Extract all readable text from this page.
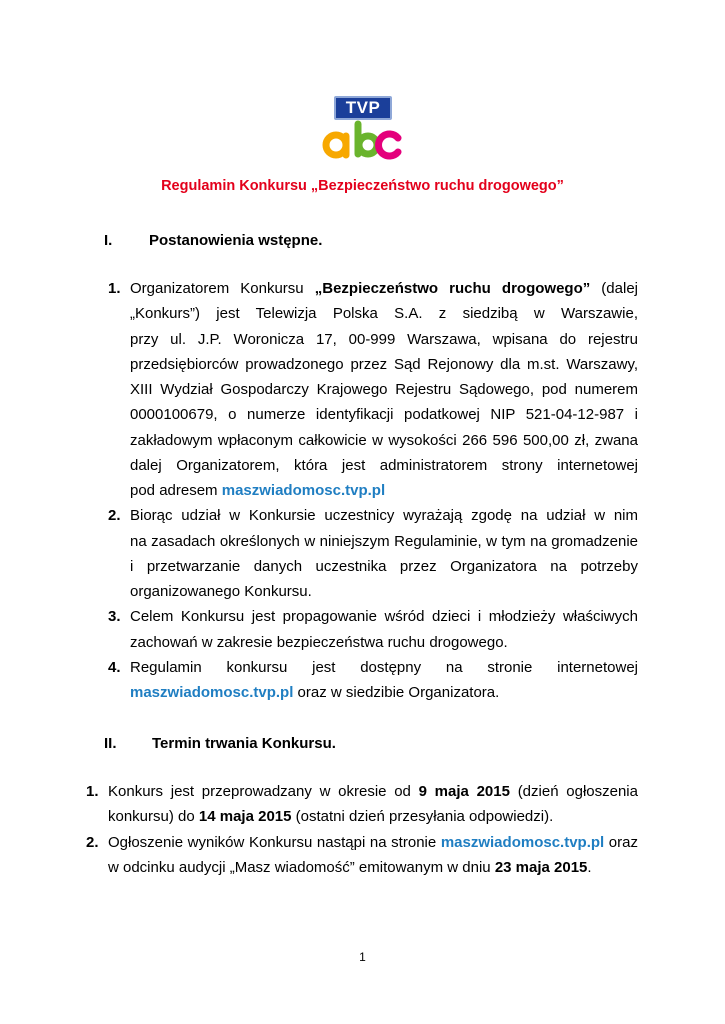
TVP
abc
Regulamin Konkursu „Bezpieczeństwo ruchu drogowego”
I. Postanowienia wstępne.
1. Organizatorem Konkursu „Bezpieczeństwo ruchu drogowego” (dalej
„Konkurs”) jest Telewizja Polska S.A. z siedzibą w Warszawie,
przy ul. J.P. Woronicza 17, 00-999 Warszawa, wpisana do rejestru
przedsiębiorców prowadzonego przez Sąd Rejonowy dla m.st. Warszawy,
XIII Wydział Gospodarczy Krajowego Rejestru Sądowego, pod numerem
0000100679, o numerze identyfikacji podatkowej NIP 521-04-12-987 i
zakładowym wpłaconym całkowicie w wysokości 266 596 500,00 zł, zwana
dalej Organizatorem, która jest administratorem strony internetowej
pod adresem maszwiadomosc.tvp.pl
2. Biorąc udział w Konkursie uczestnicy wyrażają zgodę na udział w nim
na zasadach określonych w niniejszym Regulaminie, w tym na gromadzenie
i przetwarzanie danych uczestnika przez Organizatora na potrzeby
organizowanego Konkursu.
3. Celem Konkursu jest propagowanie wśród dzieci i młodzieży właściwych
zachowań w zakresie bezpieczeństwa ruchu drogowego.
4. Regulamin konkursu jest dostępny na stronie internetowej
maszwiadomosc.tvp.pl oraz w siedzibie Organizatora.
II. Termin trwania Konkursu.
1. Konkurs jest przeprowadzany w okresie od 9 maja 2015 (dzień ogłoszenia
konkursu) do 14 maja 2015 (ostatni dzień przesyłania odpowiedzi).
2. Ogłoszenie wyników Konkursu nastąpi na stronie maszwiadomosc.tvp.pl oraz
w odcinku audycji „Masz wiadomość” emitowanym w dniu 23 maja 2015.
1
